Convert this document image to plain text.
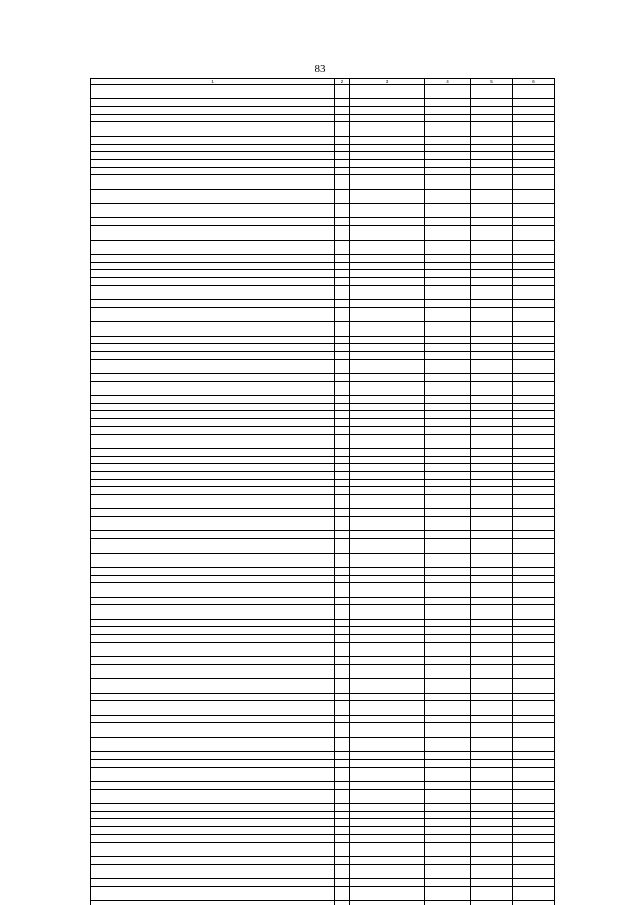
83
1	2	3	4	5	6
